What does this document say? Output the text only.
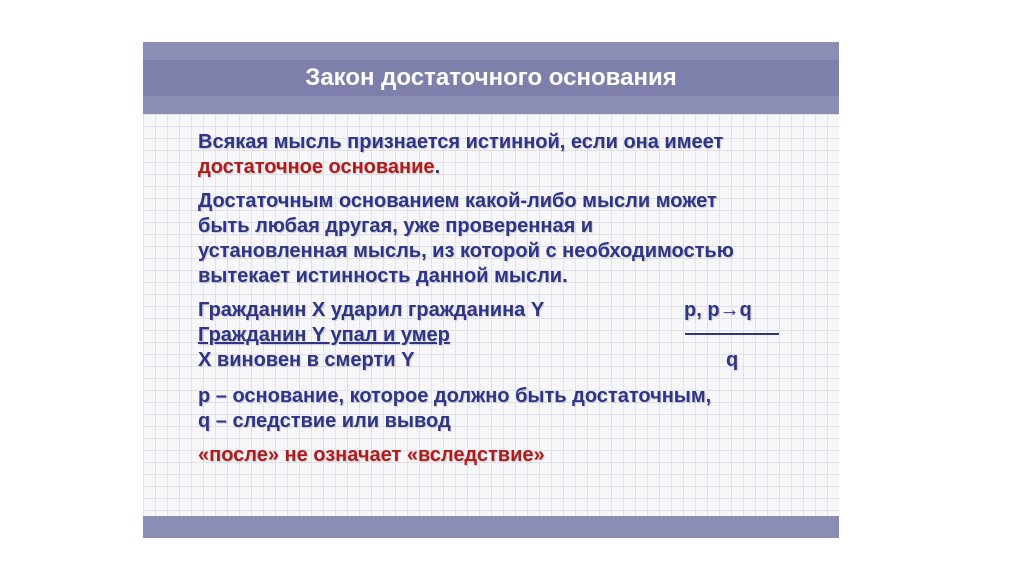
Закон достаточного основания
Всякая мысль признается истинной, если она имеет
достаточное основание.
Достаточным основанием какой-либо мысли может
быть любая другая, уже проверенная и
установленная мысль, из которой с необходимостью
вытекает истинность данной мысли.
Гражданин X ударил гражданина Y
Гражданин Y упал и умер
X виновен в смерти Y
p, p→q
q
р – основание, которое должно быть достаточным,
q – следствие или вывод
«после» не означает «вследствие»
